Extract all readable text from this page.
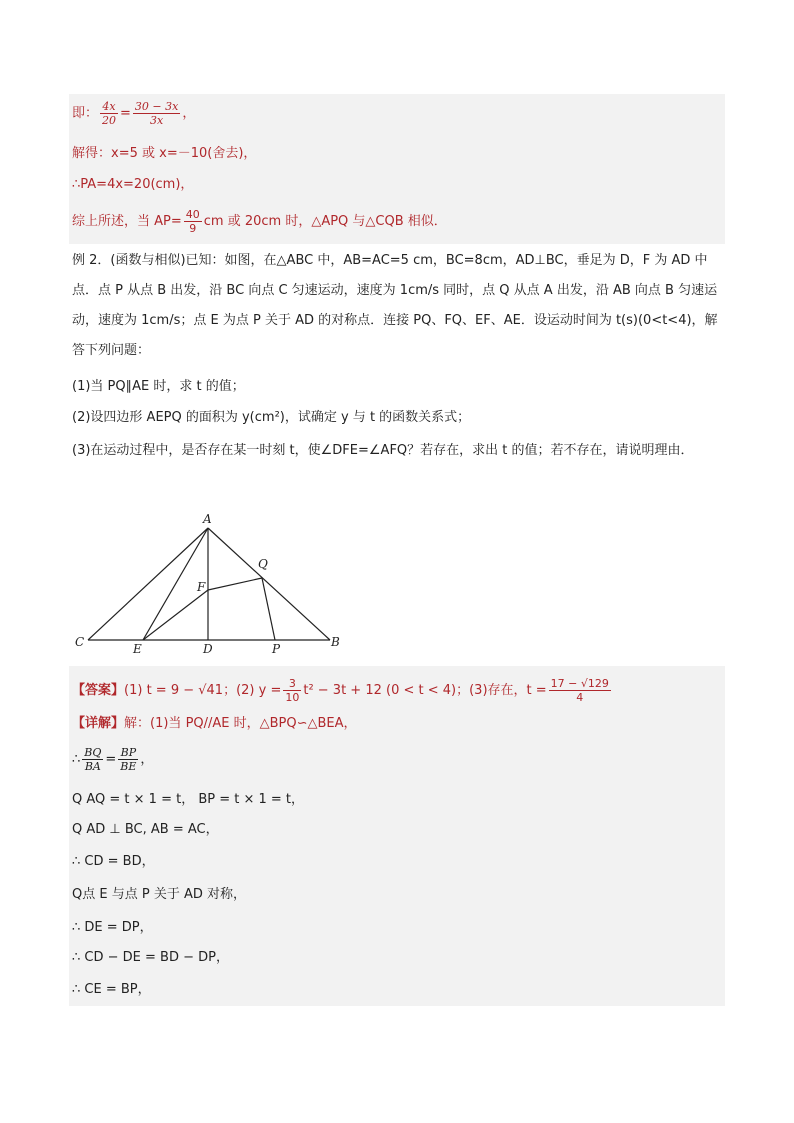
即： $\frac{4x}{20} = \frac{30 - 3x}{3x}$ ，
解得：x=5 或 x=－10(舍去)，
∴PA=4x=20(cm)，
综上所述，当 $AP= \frac{40}{9}$ cm 或 20cm 时，△APQ 与△CQB 相似．
例 2．(函数与相似)已知：如图，在△ABC 中，AB=AC=5 cm，BC=8cm，AD⊥BC，垂足为 D，F 为 AD 中点．点 P 从点 B 出发，沿 BC 向点 C 匀速运动，速度为 1cm/s 同时，点 Q 从点 A 出发，沿 AB 向点 B 匀速运动，速度为 1cm/s；点 E 为点 P 关于 AD 的对称点．连接 PQ、FQ、EF、AE．设运动时间为 t(s)(0<t<4)，解答下列问题：
(1)当 PQ∥AE 时，求 t 的值；
(2)设四边形 AEPQ 的面积为 y(cm²)，试确定 y 与 t 的函数关系式；
(3)在运动过程中，是否存在某一时刻 t，使∠DFE=∠AFQ？若存在，求出 t 的值；若不存在，请说明理由．
A
Q
F
C	E	D	P	B
【答案】(1) t = 9 − √41；(2) $y = \frac{3}{10} t^2 - 3t + 12$ (0 < t < 4)；(3)存在，$t = \frac{17 - √129}{4}$
【详解】解：(1)当 PQ//AE 时，△BPQ∽△BEA，
∴ $\frac{BQ}{BA} = \frac{BP}{BE}$ ，
Q AQ = t × 1 = t， BP = t × 1 = t，
Q AD ⊥ BC, AB = AC，
∴ CD = BD，
Q点 E 与点 P 关于 AD 对称，
∴ DE = DP，
∴ CD − DE = BD − DP，
∴ CE = BP，
